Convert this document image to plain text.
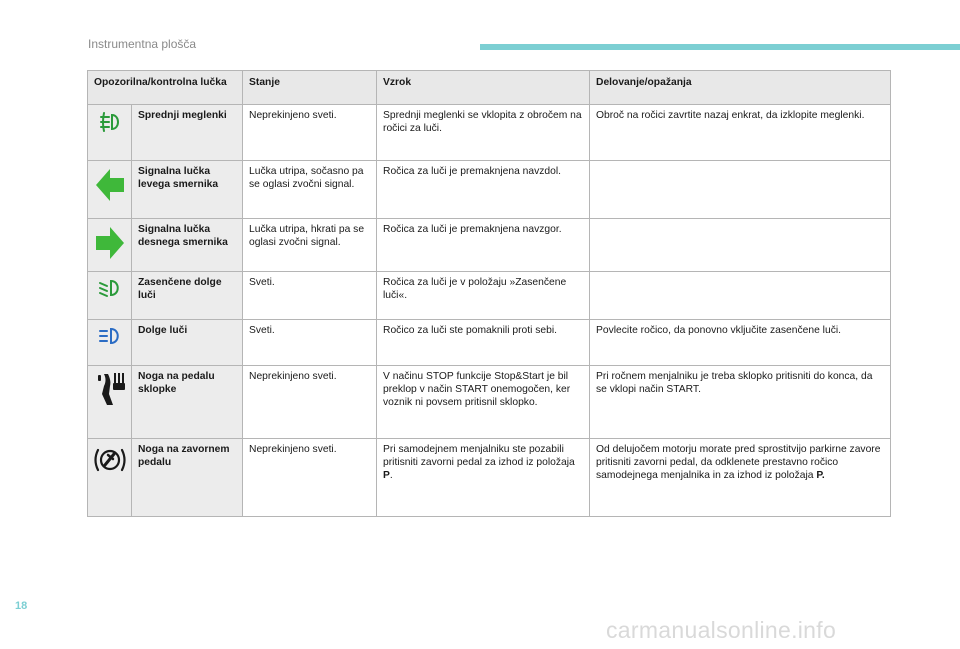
Instrumentna plošča
Opozorilna/kontrolna lučka		Stanje	Vzrok	Delovanje/opažanja
	Sprednji meglenki	Neprekinjeno sveti.	Sprednji meglenki se vklopita z obročem na ročici za luči.	Obroč na ročici zavrtite nazaj enkrat, da izklopite meglenki.
	Signalna lučka levega smernika	Lučka utripa, sočasno pa se oglasi zvočni signal.	Ročica za luči je premaknjena navzdol.	
	Signalna lučka desnega smernika	Lučka utripa, hkrati pa se oglasi zvočni signal.	Ročica za luči je premaknjena navzgor.	
	Zasenčene dolge luči	Sveti.	Ročica za luči je v položaju »Zasenčene luči«.	
	Dolge luči	Sveti.	Ročico za luči ste pomaknili proti sebi.	Povlecite ročico, da ponovno vključite zasenčene luči.
	Noga na pedalu sklopke	Neprekinjeno sveti.	V načinu STOP funkcije Stop&Start je bil preklop v način START onemogočen, ker voznik ni povsem pritisnil sklopko.	Pri ročnem menjalniku je treba sklopko pritisniti do konca, da se vklopi način START.
	Noga na zavornem pedalu	Neprekinjeno sveti.	Pri samodejnem menjalniku ste pozabili pritisniti zavorni pedal za izhod iz položaja P.	Od delujočem motorju morate pred sprostitvijo parkirne zavore pritisniti zavorni pedal, da odklenete prestavno ročico samodejnega menjalnika in za izhod iz položaja P.
18
carmanualsonline.info
